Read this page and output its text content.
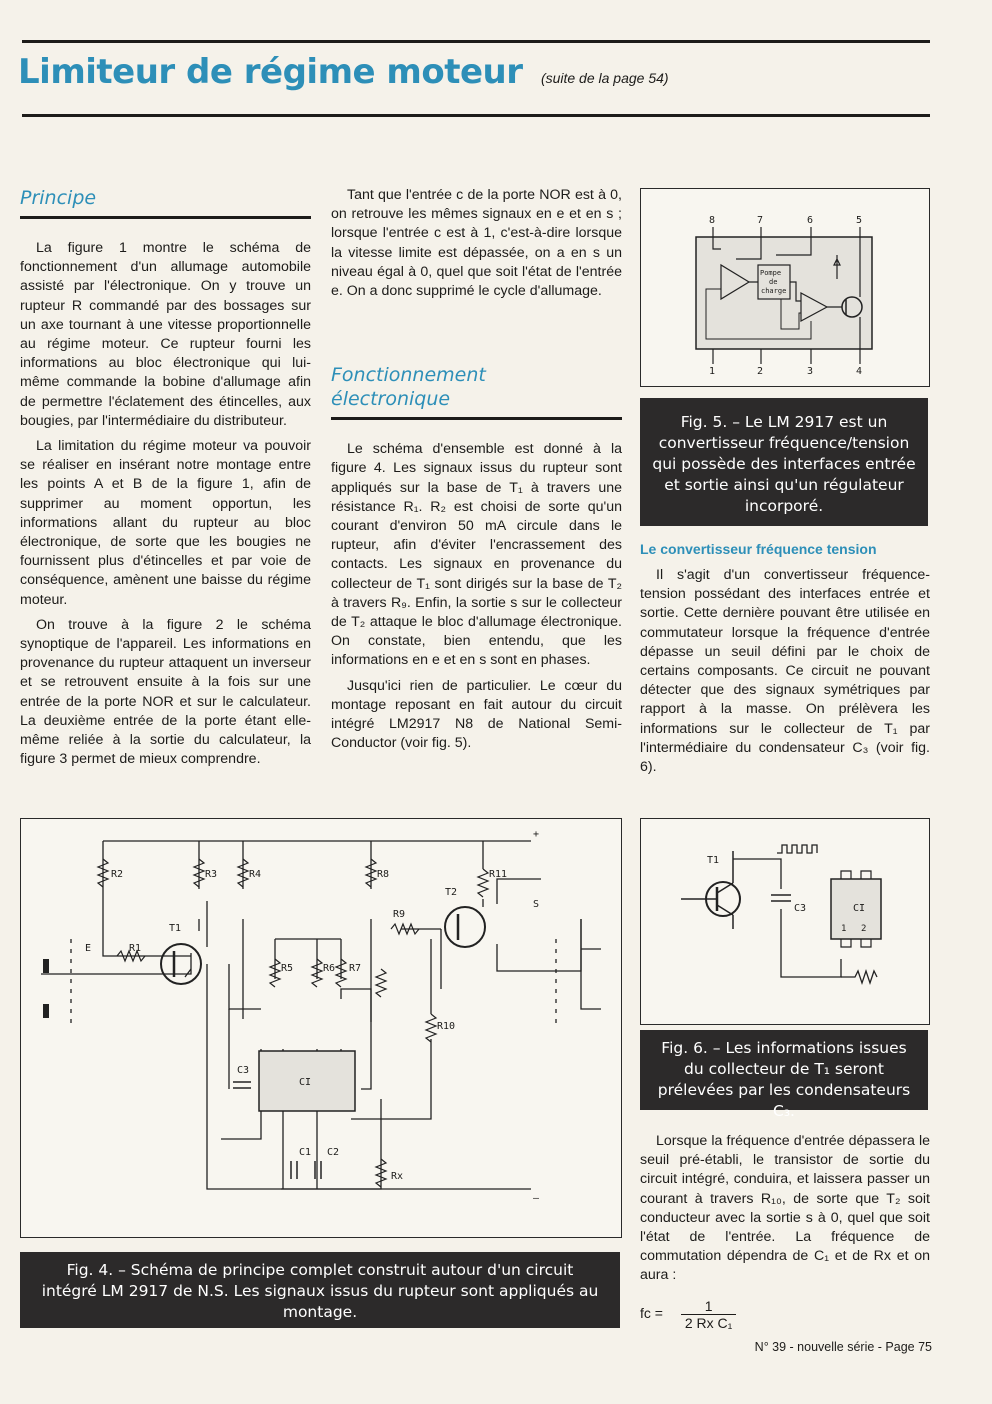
Limiteur de régime moteur (suite de la page 54)
Principe

La figure 1 montre le schéma de fonctionnement d'un allumage automobile assisté par l'électronique. On y trouve un rupteur R commandé par des bossages sur un axe tournant à une vitesse proportionnelle au régime moteur. Ce rupteur fourni les informations au bloc électronique qui lui-même commande la bobine d'allumage afin de permettre l'éclatement des étincelles, aux bougies, par l'intermédiaire du distributeur.

La limitation du régime moteur va pouvoir se réaliser en insérant notre montage entre les points A et B de la figure 1, afin de supprimer au moment opportun, les informations allant du rupteur au bloc électronique, de sorte que les bougies ne fournissent plus d'étincelles et par voie de conséquence, amènent une baisse du régime moteur.

On trouve à la figure 2 le schéma synoptique de l'appareil. Les informations en provenance du rupteur attaquent un inverseur et se retrouvent ensuite à la fois sur une entrée de la porte NOR et sur le calculateur. La deuxième entrée de la porte étant elle-même reliée à la sortie du calculateur, la figure 3 permet de mieux comprendre.

Tant que l'entrée c de la porte NOR est à 0, on retrouve les mêmes signaux en e et en s ; lorsque l'entrée c est à 1, c'est-à-dire lorsque la vitesse limite est dépassée, on a en s un niveau égal à 0, quel que soit l'état de l'entrée e. On a donc supprimé le cycle d'allumage.

Fonctionnement électronique

Le schéma d'ensemble est donné à la figure 4. Les signaux issus du rupteur sont appliqués sur la base de T₁ à travers une résistance R₁. R₂ est choisi de sorte qu'un courant d'environ 50 mA circule dans le rupteur, afin d'éviter l'encrassement des contacts. Les signaux en provenance du collecteur de T₁ sont dirigés sur la base de T₂ à travers R₉. Enfin, la sortie s sur le collecteur de T₂ attaque le bloc d'allumage électronique. On constate, bien entendu, que les informations en e et en s sont en phases.

Jusqu'ici rien de particulier. Le cœur du montage reposant en fait autour du circuit intégré LM2917 N8 de National Semi-Conductor (voir fig. 5).

8	7	6	5
Pompe
de
charge
1	2	3	4
Fig. 5. – Le LM 2917 est un convertisseur fréquence/tension qui possède des interfaces entrée et sortie ainsi qu'un régulateur incorporé.
Le convertisseur fréquence tension

Il s'agit d'un convertisseur fréquence-tension possédant des interfaces entrée et sortie. Cette dernière pouvant être utilisée en commutateur lorsque la fréquence d'entrée dépasse un seuil défini par le choix de certains composants. Ce circuit ne pouvant détecter que des signaux symétriques par rapport à la masse. On prélèvera les informations sur le collecteur de T₁ par l'intermédiaire du condensateur C₃ (voir fig. 6).

T1
C3	CI
1 2
Fig. 6. – Les informations issues du collecteur de T₁ seront prélevées par les condensateurs C₃.

Lorsque la fréquence d'entrée dépassera le seuil pré-établi, le transistor de sortie du circuit intégré, conduira, et laissera passer un courant à travers R₁₀, de sorte que T₂ soit conducteur avec la sortie s à 0, quel que soit l'état de l'entrée. La fréquence de commutation dépendra de C₁ et de Rx et on aura :

fc = $\frac{1}{\text{2 Rx C₁}}$
R2	R3	R4	R8	R11
T2
R9
T1
R1
E
S
R5	R6 R7
R10
C3
CI
C1 C2
Rx
+
–
Fig. 4. – Schéma de principe complet construit autour d'un circuit intégré LM 2917 de N.S. Les signaux issus du rupteur sont appliqués au montage.
N° 39 - nouvelle série - Page 75
